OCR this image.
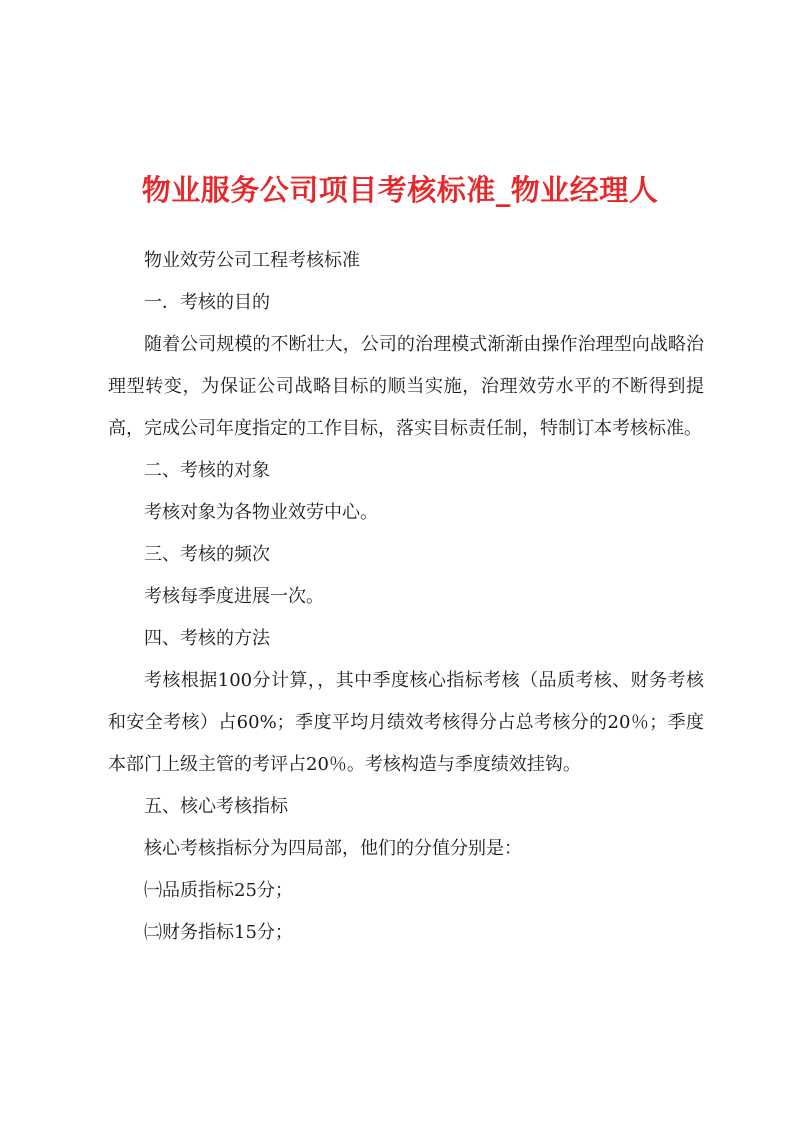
物业服务公司项目考核标准_物业经理人

物业效劳公司工程考核标准

一．考核的目的

随着公司规模的不断壮大，公司的治理模式渐渐由操作治理型向战略治理型转变，为保证公司战略目标的顺当实施，治理效劳水平的不断得到提高，完成公司年度指定的工作目标，落实目标责任制，特制订本考核标准。

二、考核的对象

考核对象为各物业效劳中心。

三、考核的频次

考核每季度进展一次。

四、考核的方法

考核根据100分计算，，其中季度核心指标考核（品质考核、财务考核和安全考核）占60%；季度平均月绩效考核得分占总考核分的20％；季度本部门上级主管的考评占20％。考核构造与季度绩效挂钩。

五、核心考核指标

核心考核指标分为四局部，他们的分值分别是：

㈠品质指标25分；

㈡财务指标15分；
